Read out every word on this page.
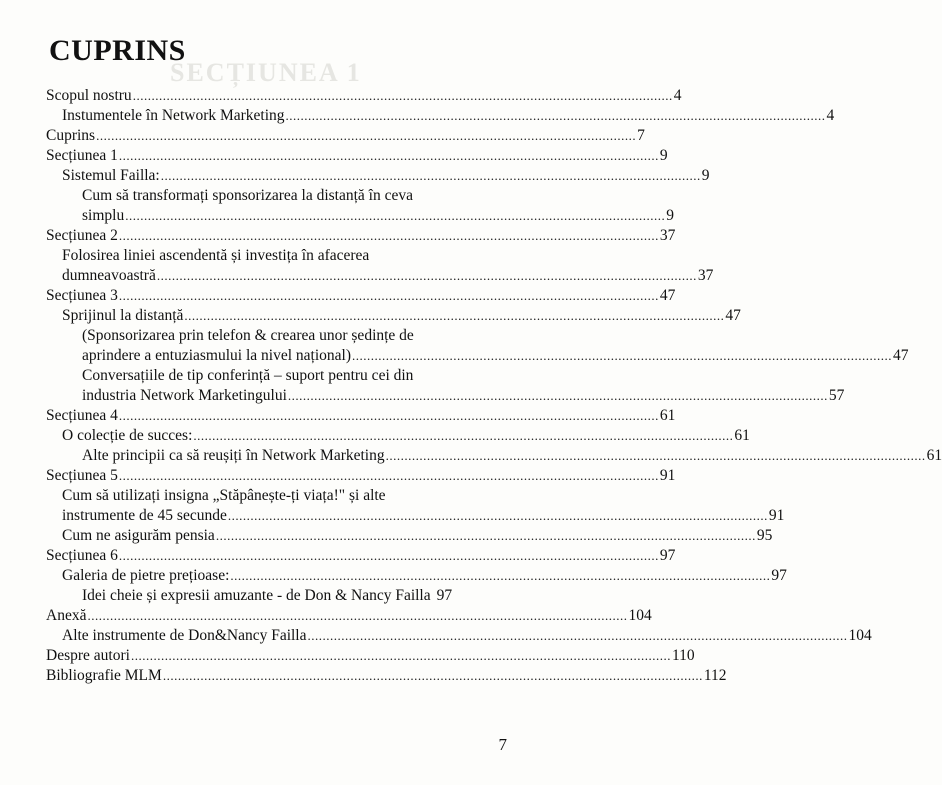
CUPRINS
SECȚIUNEA 1
Scopul nostru ................................................................................................................................................ 4
Instumentele în Network Marketing ................................................................................................................................................ 4
Cuprins ................................................................................................................................................ 7
Secțiunea 1 ................................................................................................................................................ 9
Sistemul Failla: ................................................................................................................................................ 9
Cum să transformați sponsorizarea la distanță în ceva
simplu ................................................................................................................................................ 9
Secțiunea 2 ................................................................................................................................................ 37
Folosirea liniei ascendentă și investița în afacerea
dumneavoastră ................................................................................................................................................ 37
Secțiunea 3 ................................................................................................................................................ 47
Sprijinul la distanță ................................................................................................................................................ 47
(Sponsorizarea prin telefon & crearea unor ședințe de
aprindere a entuziasmului la nivel național) ................................................................................................................................................ 47
Conversațiile de tip conferință – suport pentru cei din
industria Network Marketingului ................................................................................................................................................ 57
Secțiunea 4 ................................................................................................................................................ 61
O colecție de succes: ................................................................................................................................................ 61
Alte principii ca să reușiți în Network Marketing ................................................................................................................................................ 61
Secțiunea 5 ................................................................................................................................................ 91
Cum să utilizați insigna „Stăpânește-ți viața!" și alte
instrumente de 45 secunde ................................................................................................................................................ 91
Cum ne asigurăm pensia ................................................................................................................................................ 95
Secțiunea 6 ................................................................................................................................................ 97
Galeria de pietre prețioase: ................................................................................................................................................ 97
Idei cheie și expresii amuzante - de Don & Nancy Failla 97
Anexă ................................................................................................................................................ 104
Alte instrumente de Don&Nancy Failla ................................................................................................................................................ 104
Despre autori ................................................................................................................................................ 110
Bibliografie MLM ................................................................................................................................................ 112
7
